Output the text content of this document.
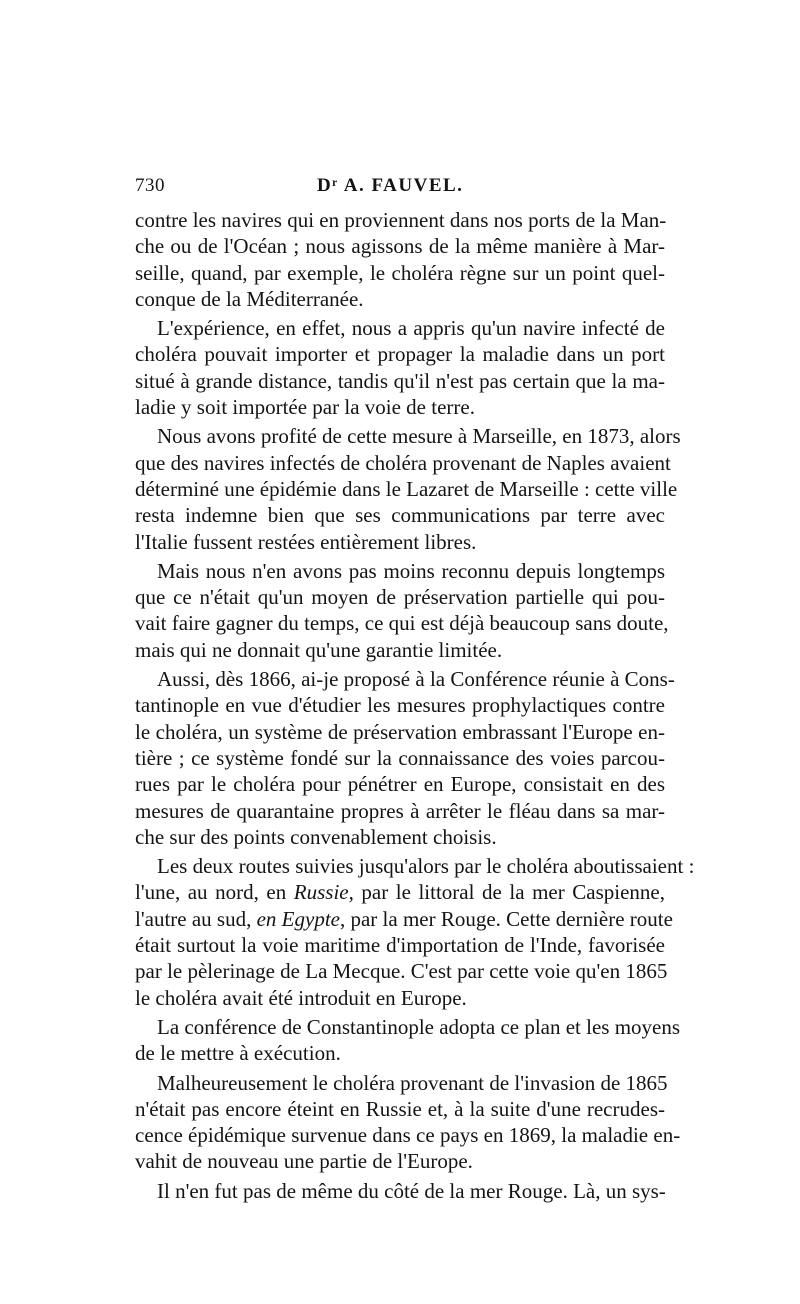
730	Dʳ A. FAUVEL.
contre les navires qui en proviennent dans nos ports de la Man-
che ou de l'Océan ; nous agissons de la même manière à Mar-
seille, quand, par exemple, le choléra règne sur un point quel-
conque de la Méditerranée.
L'expérience, en effet, nous a appris qu'un navire infecté de
choléra pouvait importer et propager la maladie dans un port
situé à grande distance, tandis qu'il n'est pas certain que la ma-
ladie y soit importée par la voie de terre.
Nous avons profité de cette mesure à Marseille, en 1873, alors
que des navires infectés de choléra provenant de Naples avaient
déterminé une épidémie dans le Lazaret de Marseille : cette ville
resta indemne bien que ses communications par terre avec
l'Italie fussent restées entièrement libres.
Mais nous n'en avons pas moins reconnu depuis longtemps
que ce n'était qu'un moyen de préservation partielle qui pou-
vait faire gagner du temps, ce qui est déjà beaucoup sans doute,
mais qui ne donnait qu'une garantie limitée.
Aussi, dès 1866, ai-je proposé à la Conférence réunie à Cons-
tantinople en vue d'étudier les mesures prophylactiques contre
le choléra, un système de préservation embrassant l'Europe en-
tière ; ce système fondé sur la connaissance des voies parcou-
rues par le choléra pour pénétrer en Europe, consistait en des
mesures de quarantaine propres à arrêter le fléau dans sa mar-
che sur des points convenablement choisis.
Les deux routes suivies jusqu'alors par le choléra aboutissaient :
l'une, au nord, en Russie, par le littoral de la mer Caspienne,
l'autre au sud, en Egypte, par la mer Rouge. Cette dernière route
était surtout la voie maritime d'importation de l'Inde, favorisée
par le pèlerinage de La Mecque. C'est par cette voie qu'en 1865
le choléra avait été introduit en Europe.
La conférence de Constantinople adopta ce plan et les moyens
de le mettre à exécution.
Malheureusement le choléra provenant de l'invasion de 1865
n'était pas encore éteint en Russie et, à la suite d'une recrudes-
cence épidémique survenue dans ce pays en 1869, la maladie en-
vahit de nouveau une partie de l'Europe.
Il n'en fut pas de même du côté de la mer Rouge. Là, un sys-
